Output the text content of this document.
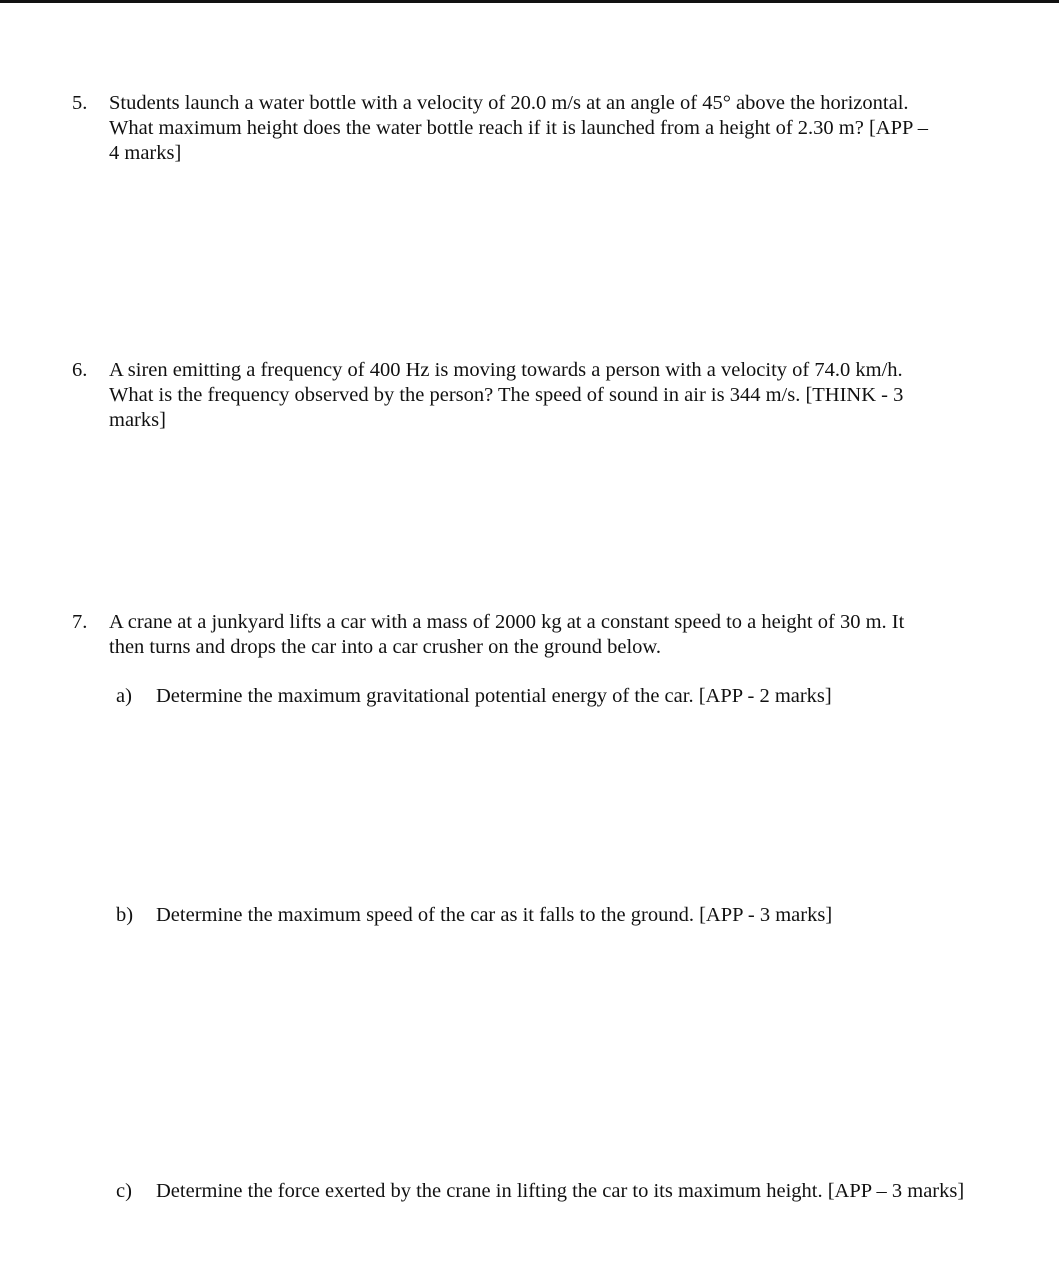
5.	Students launch a water bottle with a velocity of 20.0 m/s at an angle of 45° above the horizontal.
What maximum height does the water bottle reach if it is launched from a height of 2.30 m? [APP –
4 marks]
6.	A siren emitting a frequency of 400 Hz is moving towards a person with a velocity of 74.0 km/h.
What is the frequency observed by the person? The speed of sound in air is 344 m/s. [THINK - 3
marks]
7.	A crane at a junkyard lifts a car with a mass of 2000 kg at a constant speed to a height of 30 m. It
then turns and drops the car into a car crusher on the ground below.
a) Determine the maximum gravitational potential energy of the car. [APP - 2 marks]
b) Determine the maximum speed of the car as it falls to the ground. [APP - 3 marks]
c) Determine the force exerted by the crane in lifting the car to its maximum height. [APP – 3 marks]
